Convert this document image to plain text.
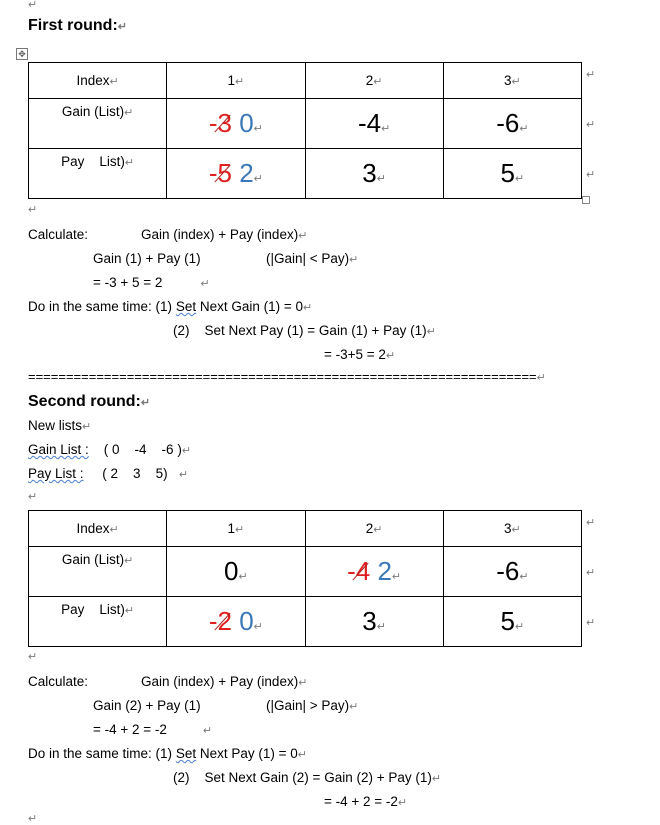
↵
First round:↵
✥
Index↵	1↵	2↵	3↵
Gain (List)↵	-3 0↵	-4↵	-6↵
Pay    List)↵	-5 2↵	3↵	5↵
↵
↵
↵
↵
Calculate:	Gain (index) + Pay (index)↵
Gain (1) + Pay (1)	(|Gain| < Pay)↵
= -3 + 5 = 2	↵
Do in the same time: (1) Set Next Gain (1) = 0↵
(2) Set Next Pay (1) = Gain (1) + Pay (1)↵
= -3+5 = 2↵
===================================================================↵
Second round:↵
New lists↵
Gain List : ( 0    -4    -6 )↵
Pay List : ( 2    3    5) ↵
↵
Index↵	1↵	2↵	3↵
Gain (List)↵	0↵	-4 2↵	-6↵
Pay    List)↵	-2 0↵	3↵	5↵
↵
↵
↵
↵
Calculate:	Gain (index) + Pay (index)↵
Gain (2) + Pay (1)	(|Gain| > Pay)↵
= -4 + 2 = -2	↵
Do in the same time: (1) Set Next Pay (1) = 0↵
(2) Set Next Gain (2) = Gain (2) + Pay (1)↵
= -4 + 2 = -2↵
↵
